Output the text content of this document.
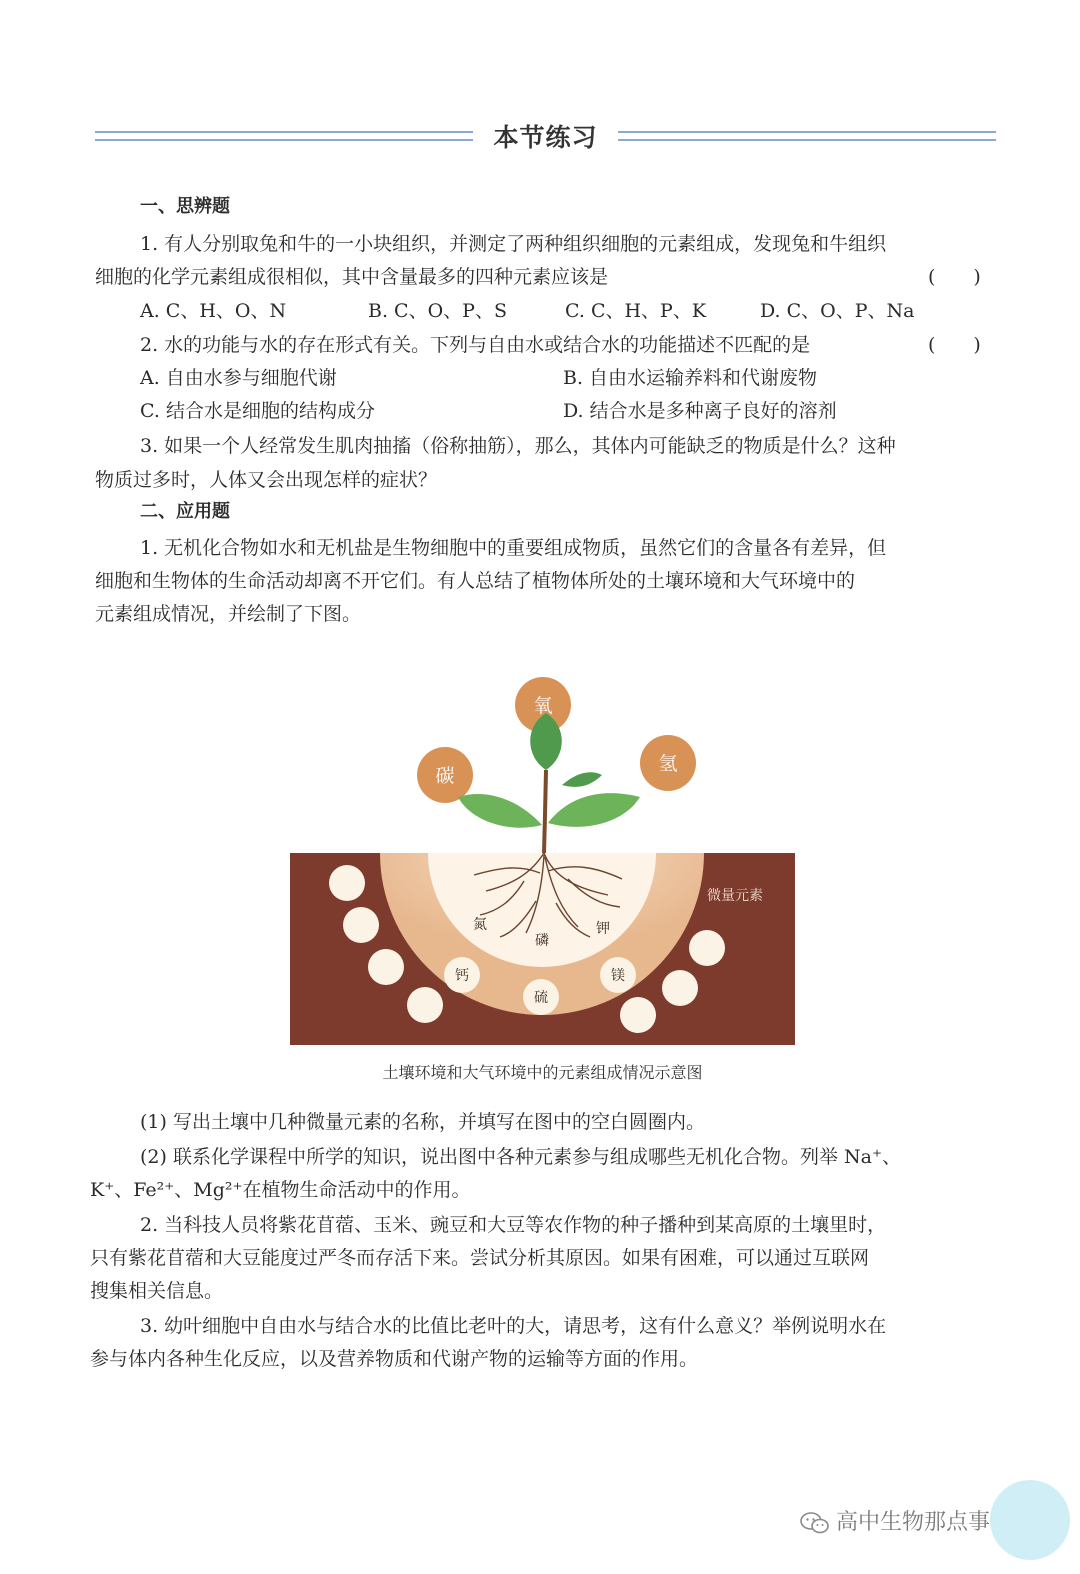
本节练习
一、思辨题
1. 有人分别取兔和牛的一小块组织，并测定了两种组织细胞的元素组成，发现兔和牛组织
细胞的化学元素组成很相似，其中含量最多的四种元素应该是	(　　)
A. C、H、O、N	B. C、O、P、S	C. C、H、P、K	D. C、O、P、Na
2. 水的功能与水的存在形式有关。下列与自由水或结合水的功能描述不匹配的是	(　　)
A. 自由水参与细胞代谢	B. 自由水运输养料和代谢废物
C. 结合水是细胞的结构成分	D. 结合水是多种离子良好的溶剂
3. 如果一个人经常发生肌肉抽搐（俗称抽筋），那么，其体内可能缺乏的物质是什么？这种
物质过多时，人体又会出现怎样的症状？
二、应用题
1. 无机化合物如水和无机盐是生物细胞中的重要组成物质，虽然它们的含量各有差异，但
细胞和生物体的生命活动却离不开它们。有人总结了植物体所处的土壤环境和大气环境中的
元素组成情况，并绘制了下图。
碳
氧
氢
氮
磷
钾
钙
硫
镁
微量元素
土壤环境和大气环境中的元素组成情况示意图
(1) 写出土壤中几种微量元素的名称，并填写在图中的空白圆圈内。
(2) 联系化学课程中所学的知识，说出图中各种元素参与组成哪些无机化合物。列举 Na⁺、
K⁺、Fe²⁺、Mg²⁺在植物生命活动中的作用。
2. 当科技人员将紫花苜蓿、玉米、豌豆和大豆等农作物的种子播种到某高原的土壤里时，
只有紫花苜蓿和大豆能度过严冬而存活下来。尝试分析其原因。如果有困难，可以通过互联网
搜集相关信息。
3. 幼叶细胞中自由水与结合水的比值比老叶的大，请思考，这有什么意义？举例说明水在
参与体内各种生化反应，以及营养物质和代谢产物的运输等方面的作用。
高中生物那点事
